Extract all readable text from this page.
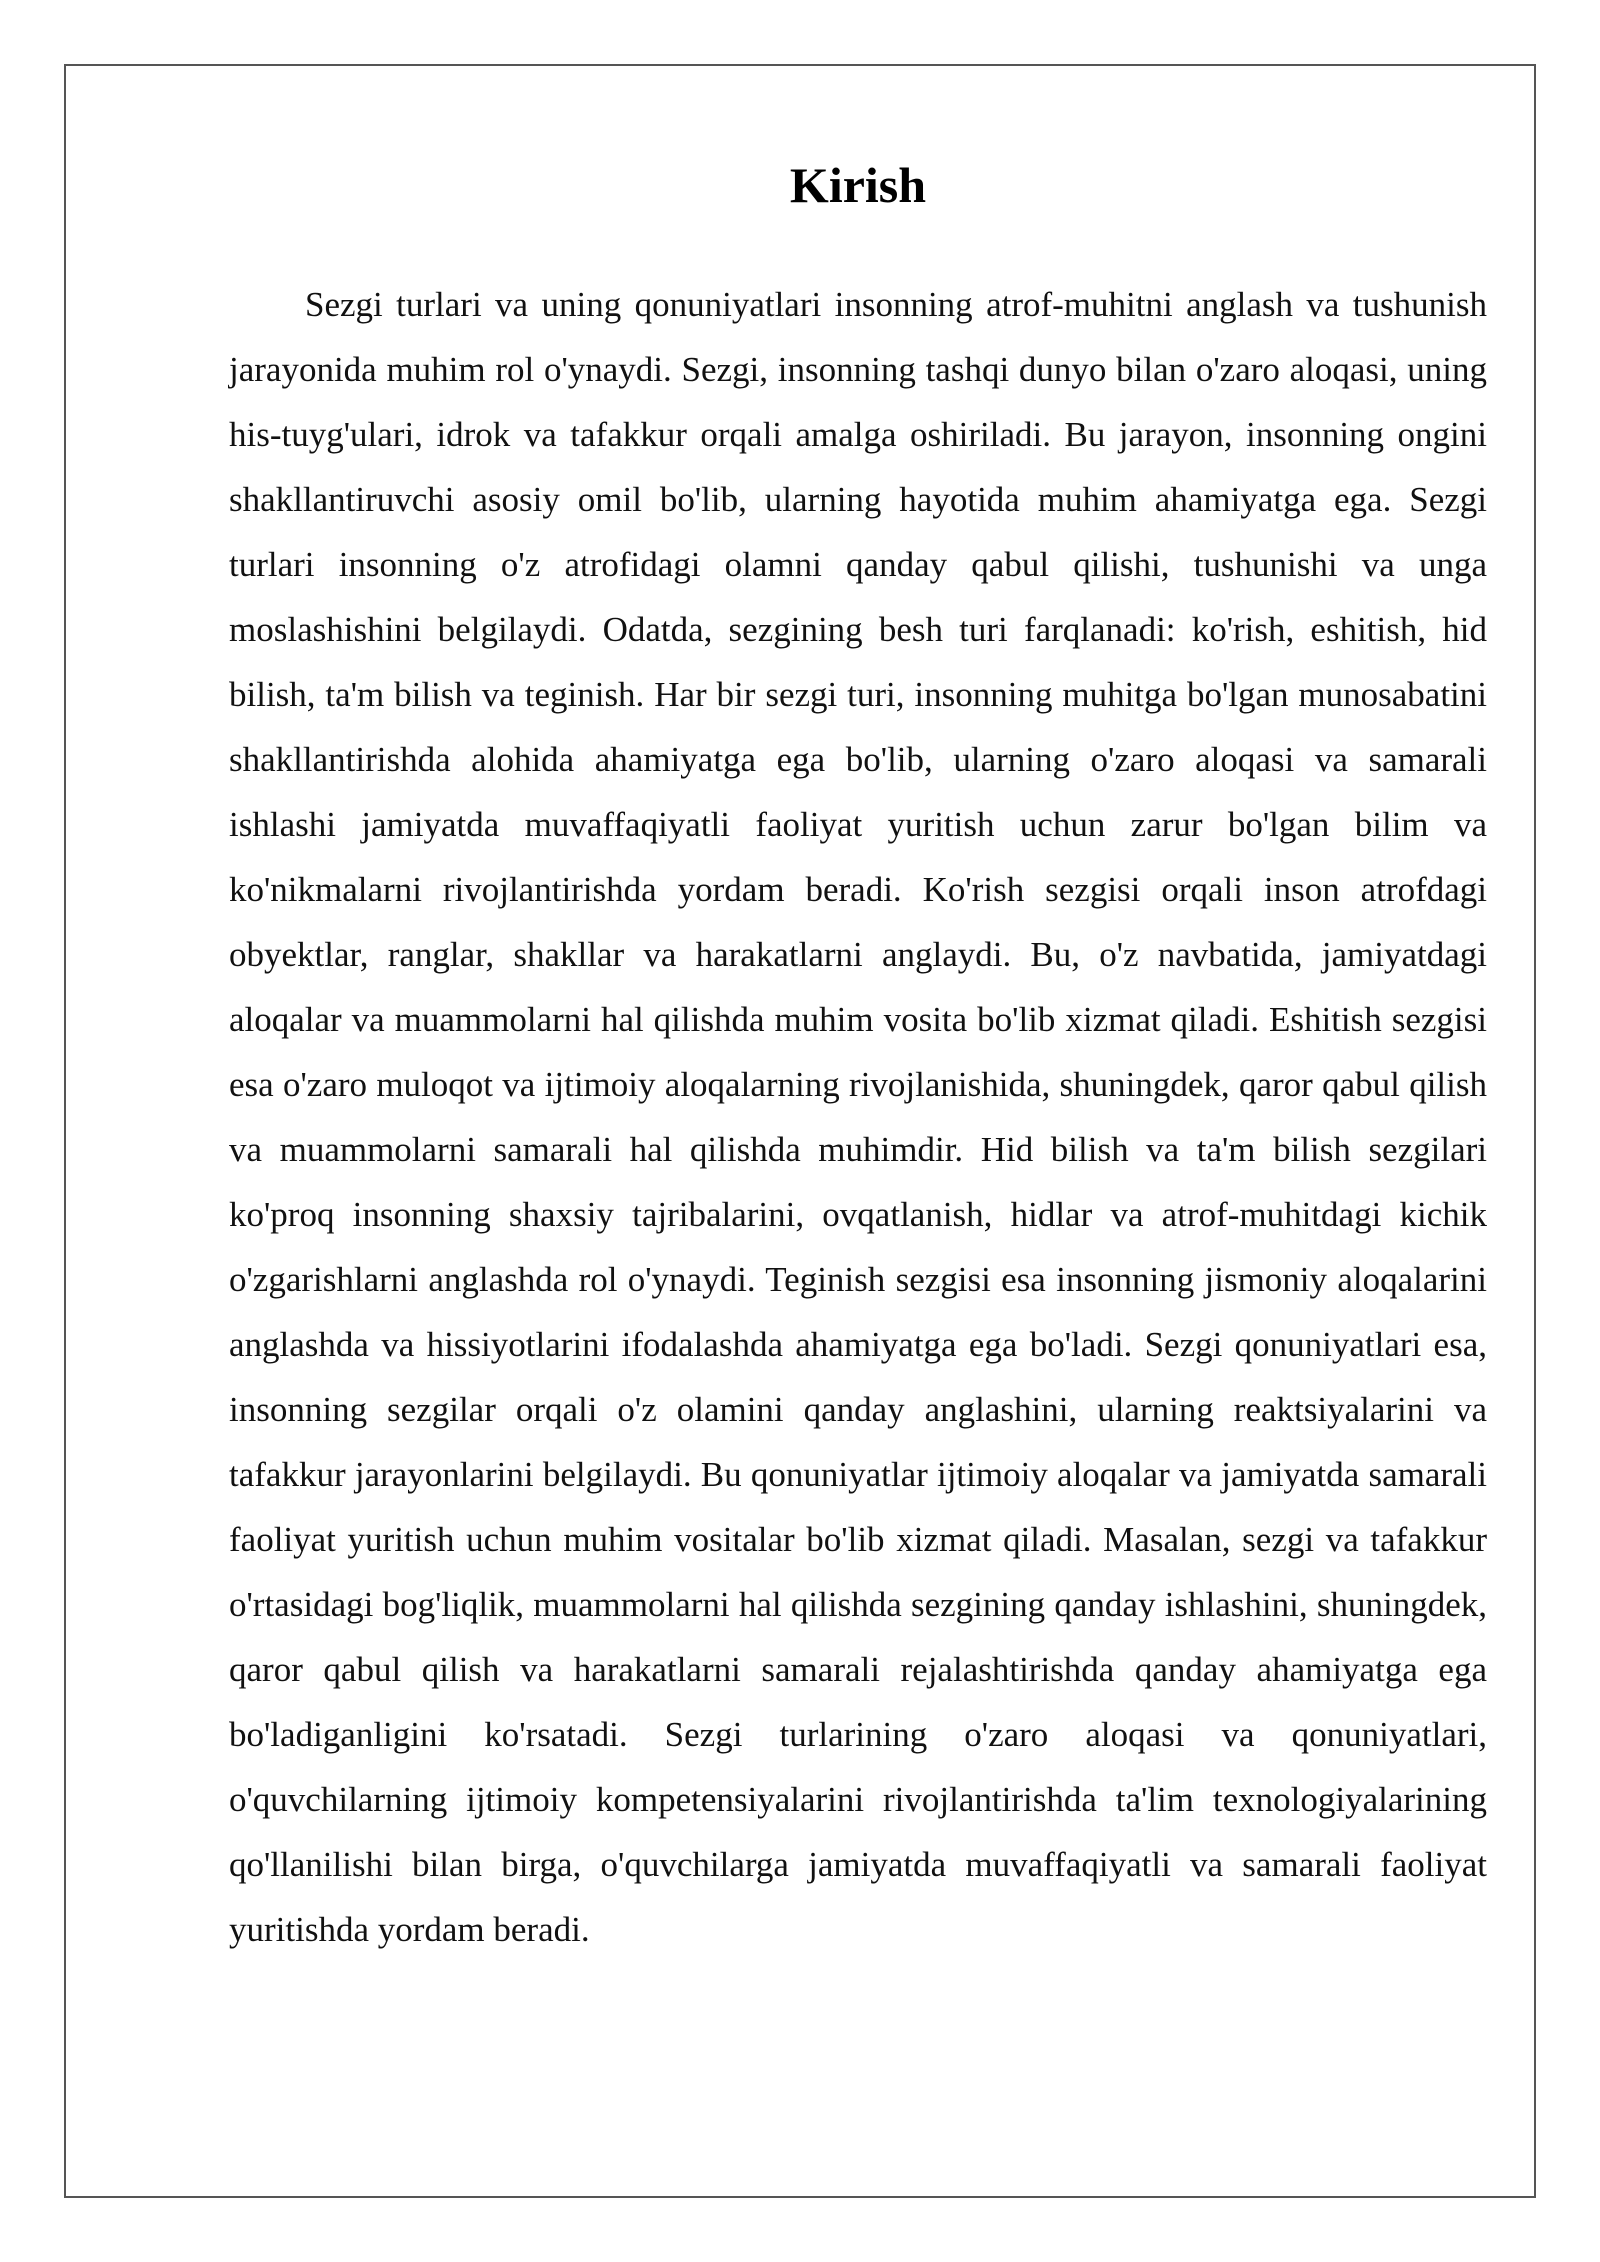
Kirish

Sezgi turlari va uning qonuniyatlari insonning atrof-muhitni anglash va tushunish jarayonida muhim rol o'ynaydi. Sezgi, insonning tashqi dunyo bilan o'zaro aloqasi, uning his-tuyg'ulari, idrok va tafakkur orqali amalga oshiriladi. Bu jarayon, insonning ongini shakllantiruvchi asosiy omil bo'lib, ularning hayotida muhim ahamiyatga ega. Sezgi turlari insonning o'z atrofidagi olamni qanday qabul qilishi, tushunishi va unga moslashishini belgilaydi. Odatda, sezgining besh turi farqlanadi: ko'rish, eshitish, hid bilish, ta'm bilish va teginish. Har bir sezgi turi, insonning muhitga bo'lgan munosabatini shakllantirishda alohida ahamiyatga ega bo'lib, ularning o'zaro aloqasi va samarali ishlashi jamiyatda muvaffaqiyatli faoliyat yuritish uchun zarur bo'lgan bilim va ko'nikmalarni rivojlantirishda yordam beradi. Ko'rish sezgisi orqali inson atrofdagi obyektlar, ranglar, shakllar va harakatlarni anglaydi. Bu, o'z navbatida, jamiyatdagi aloqalar va muammolarni hal qilishda muhim vosita bo'lib xizmat qiladi. Eshitish sezgisi esa o'zaro muloqot va ijtimoiy aloqalarning rivojlanishida, shuningdek, qaror qabul qilish va muammolarni samarali hal qilishda muhimdir. Hid bilish va ta'm bilish sezgilari ko'proq insonning shaxsiy tajribalarini, ovqatlanish, hidlar va atrof-muhitdagi kichik o'zgarishlarni anglashda rol o'ynaydi. Teginish sezgisi esa insonning jismoniy aloqalarini anglashda va hissiyotlarini ifodalashda ahamiyatga ega bo'ladi. Sezgi qonuniyatlari esa, insonning sezgilar orqali o'z olamini qanday anglashini, ularning reaktsiyalarini va tafakkur jarayonlarini belgilaydi. Bu qonuniyatlar ijtimoiy aloqalar va jamiyatda samarali faoliyat yuritish uchun muhim vositalar bo'lib xizmat qiladi. Masalan, sezgi va tafakkur o'rtasidagi bog'liqlik, muammolarni hal qilishda sezgining qanday ishlashini, shuningdek, qaror qabul qilish va harakatlarni samarali rejalashtirishda qanday ahamiyatga ega bo'ladiganligini ko'rsatadi. Sezgi turlarining o'zaro aloqasi va qonuniyatlari, o'quvchilarning ijtimoiy kompetensiyalarini rivojlantirishda ta'lim texnologiyalarining qo'llanilishi bilan birga, o'quvchilarga jamiyatda muvaffaqiyatli va samarali faoliyat yuritishda yordam beradi.
